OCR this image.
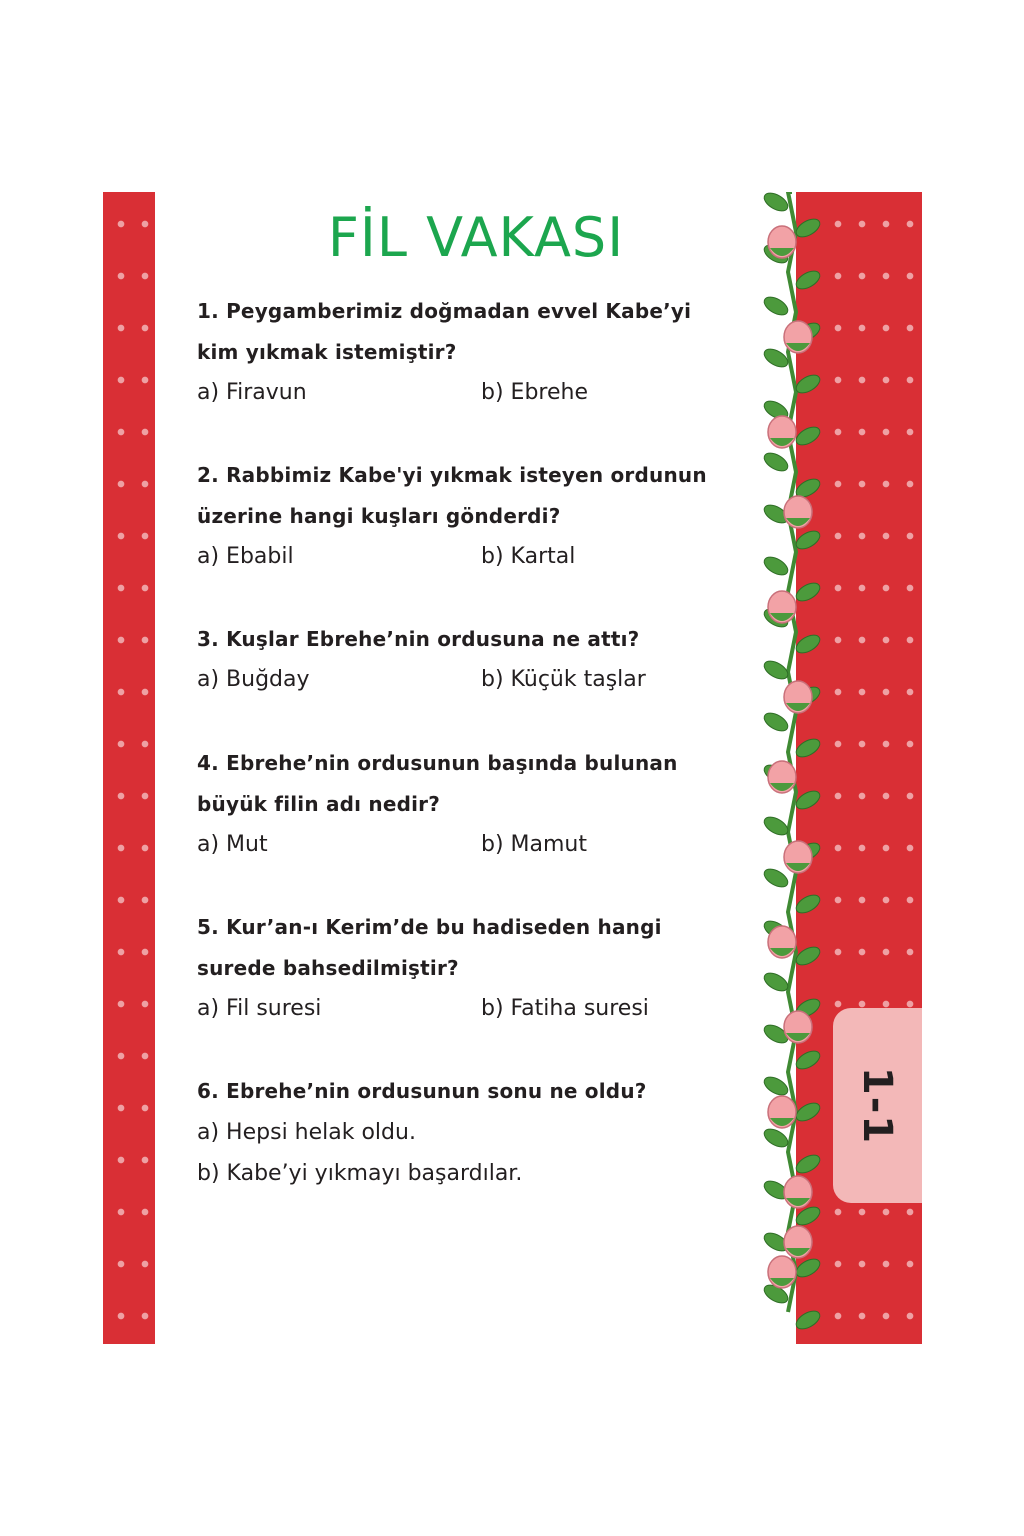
1-1
FİL VAKASI
1. Peygamberimiz doğmadan evvel Kabe’yi kim yıkmak istemiştir?
a) Firavun	b) Ebrehe
2. Rabbimiz Kabe'yi yıkmak isteyen ordunun üzerine hangi kuşları gönderdi?
a) Ebabil	b) Kartal
3. Kuşlar Ebrehe’nin ordusuna ne attı?
a) Buğday	b) Küçük taşlar
4. Ebrehe’nin ordusunun başında bulunan büyük filin adı nedir?
a) Mut	b) Mamut
5. Kur’an-ı Kerim’de bu hadiseden hangi surede bahsedilmiştir?
a) Fil suresi	b) Fatiha suresi
6. Ebrehe’nin ordusunun sonu ne oldu?
a) Hepsi helak oldu.
b) Kabe’yi yıkmayı başardılar.
